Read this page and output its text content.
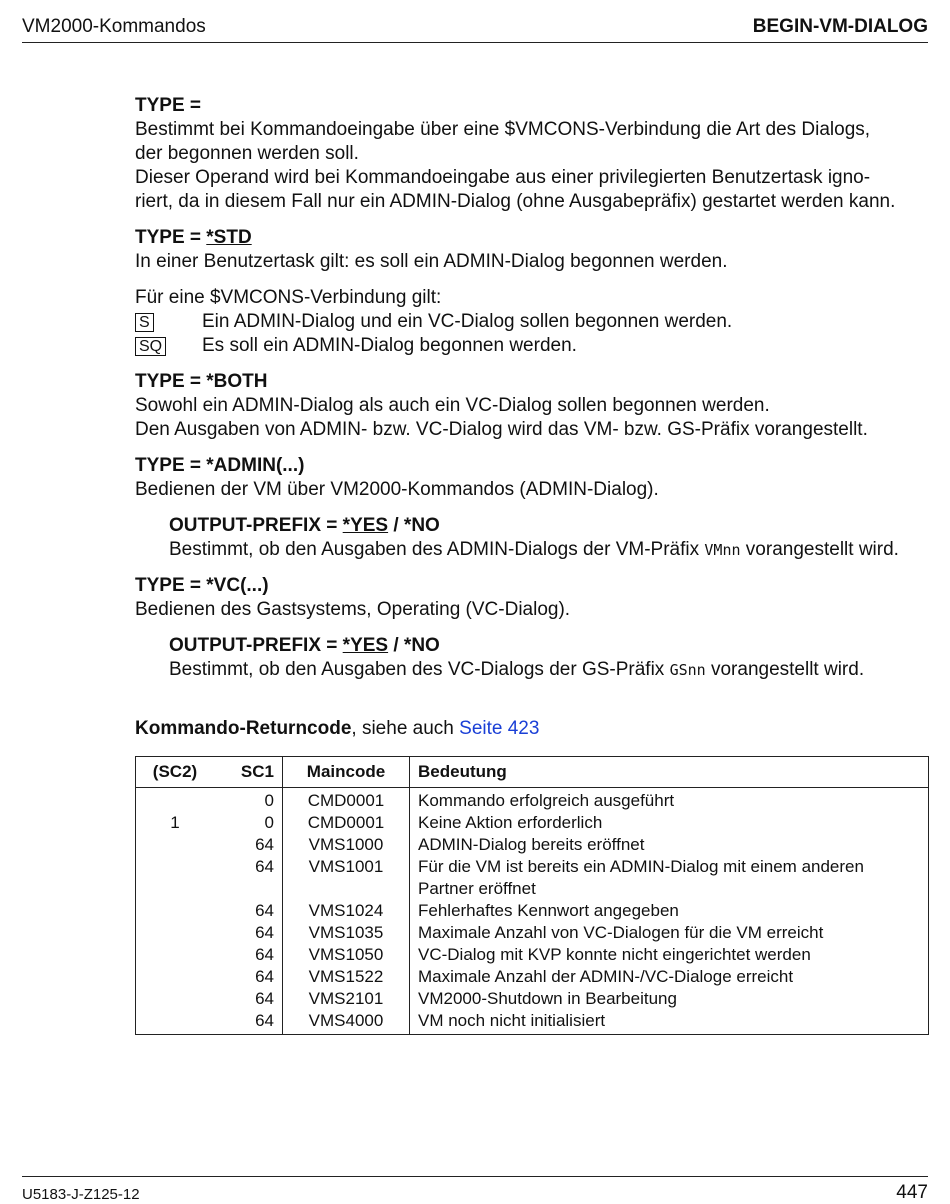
VM2000-Kommandos	BEGIN-VM-DIALOG
TYPE =
Bestimmt bei Kommandoeingabe über eine $VMCONS-Verbindung die Art des Dialogs,
der begonnen werden soll.
Dieser Operand wird bei Kommandoeingabe aus einer privilegierten Benutzertask igno-
riert, da in diesem Fall nur ein ADMIN-Dialog (ohne Ausgabepräfix) gestartet werden kann.
TYPE = *STD
In einer Benutzertask gilt: es soll ein ADMIN-Dialog begonnen werden.
Für eine $VMCONS-Verbindung gilt:
S	Ein ADMIN-Dialog und ein VC-Dialog sollen begonnen werden.
SQ Es soll ein ADMIN-Dialog begonnen werden.
TYPE = *BOTH
Sowohl ein ADMIN-Dialog als auch ein VC-Dialog sollen begonnen werden.
Den Ausgaben von ADMIN- bzw. VC-Dialog wird das VM- bzw. GS-Präfix vorangestellt.
TYPE = *ADMIN(...)
Bedienen der VM über VM2000-Kommandos (ADMIN-Dialog).
OUTPUT-PREFIX = *YES / *NO
Bestimmt, ob den Ausgaben des ADMIN-Dialogs der VM-Präfix VMnn vorangestellt wird.
TYPE = *VC(...)
Bedienen des Gastsystems, Operating (VC-Dialog).
OUTPUT-PREFIX = *YES / *NO
Bestimmt, ob den Ausgaben des VC-Dialogs der GS-Präfix GSnn vorangestellt wird.
Kommando-Returncode, siehe auch Seite 423
(SC2)	SC1	Maincode	Bedeutung
	0	CMD0001	Kommando erfolgreich ausgeführt
1	0	CMD0001	Keine Aktion erforderlich
	64	VMS1000	ADMIN-Dialog bereits eröffnet
	64	VMS1001	Für die VM ist bereits ein ADMIN-Dialog mit einem anderen
			Partner eröffnet
	64	VMS1024	Fehlerhaftes Kennwort angegeben
	64	VMS1035	Maximale Anzahl von VC-Dialogen für die VM erreicht
	64	VMS1050	VC-Dialog mit KVP konnte nicht eingerichtet werden
	64	VMS1522	Maximale Anzahl der ADMIN-/VC-Dialoge erreicht
	64	VMS2101	VM2000-Shutdown in Bearbeitung
	64	VMS4000	VM noch nicht initialisiert
U5183-J-Z125-12	447
